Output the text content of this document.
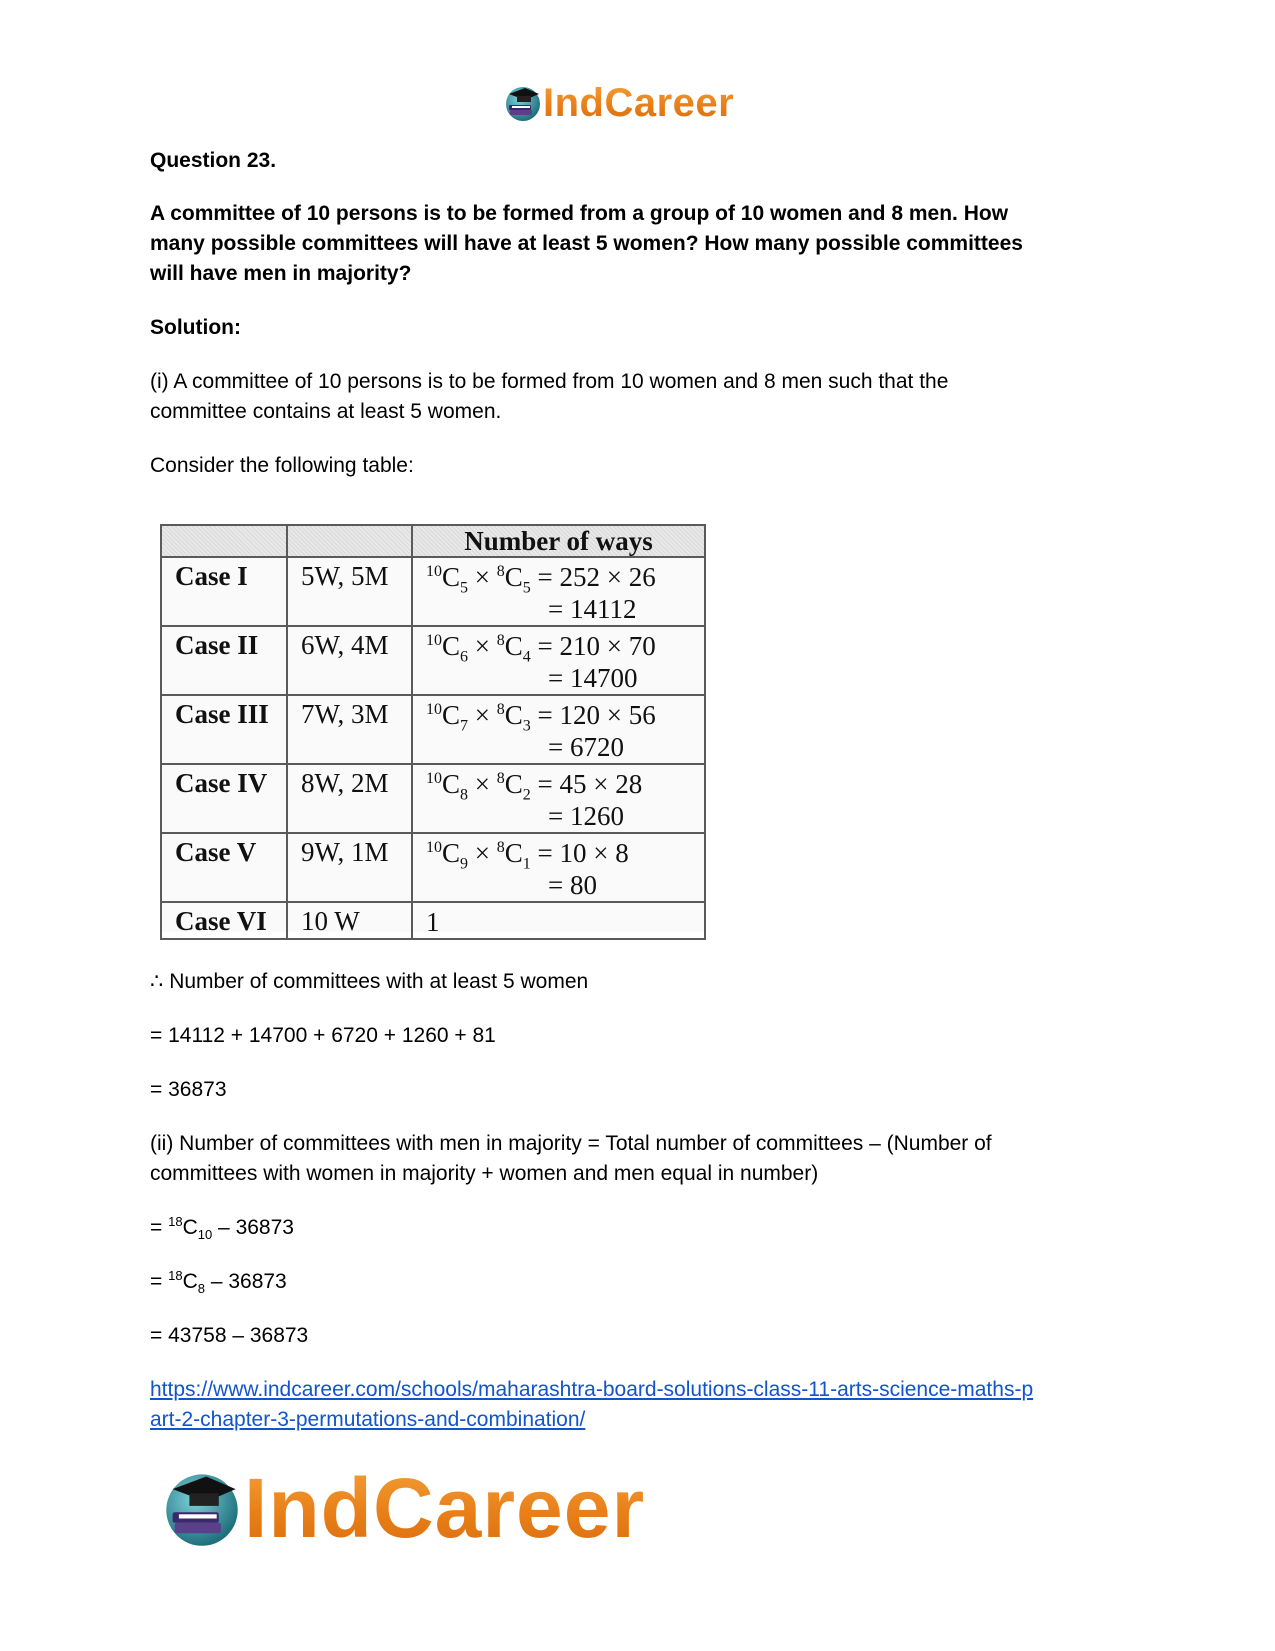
IndCareer

Question 23.

A committee of 10 persons is to be formed from a group of 10 women and 8 men. How

many possible committees will have at least 5 women? How many possible committees

will have men in majority?

Solution:

(i) A committee of 10 persons is to be formed from 10 women and 8 men such that the

committee contains at least 5 women.

Consider the following table:

		Number of ways
Case I	5W, 5M	$^{10}C_5 \times ^8C_5 = 252 \times 26$
= 14112

Case II	6W, 4M	$^{10}C_6 \times ^8C_4 = 210 \times 70$
= 14700

Case III	7W, 3M	$^{10}C_7 \times ^8C_3 = 120 \times 56$
= 6720

Case IV	8W, 2M	$^{10}C_8 \times ^8C_2 = 45 \times 28$
= 1260

Case V	9W, 1M	$^{10}C_9 \times ^8C_1 = 10 \times 8$
= 80

Case VI	10 W	1

∴ Number of committees with at least 5 women

= 14112 + 14700 + 6720 + 1260 + 81

= 36873

(ii) Number of committees with men in majority = Total number of committees – (Number of

committees with women in majority + women and men equal in number)

= $^{18}C_{10} - 36873$

= $^{18}C_8 - 36873$

= 43758 – 36873

https://www.indcareer.com/schools/maharashtra-board-solutions-class-11-arts-science-maths-p

art-2-chapter-3-permutations-and-combination/

IndCareer
